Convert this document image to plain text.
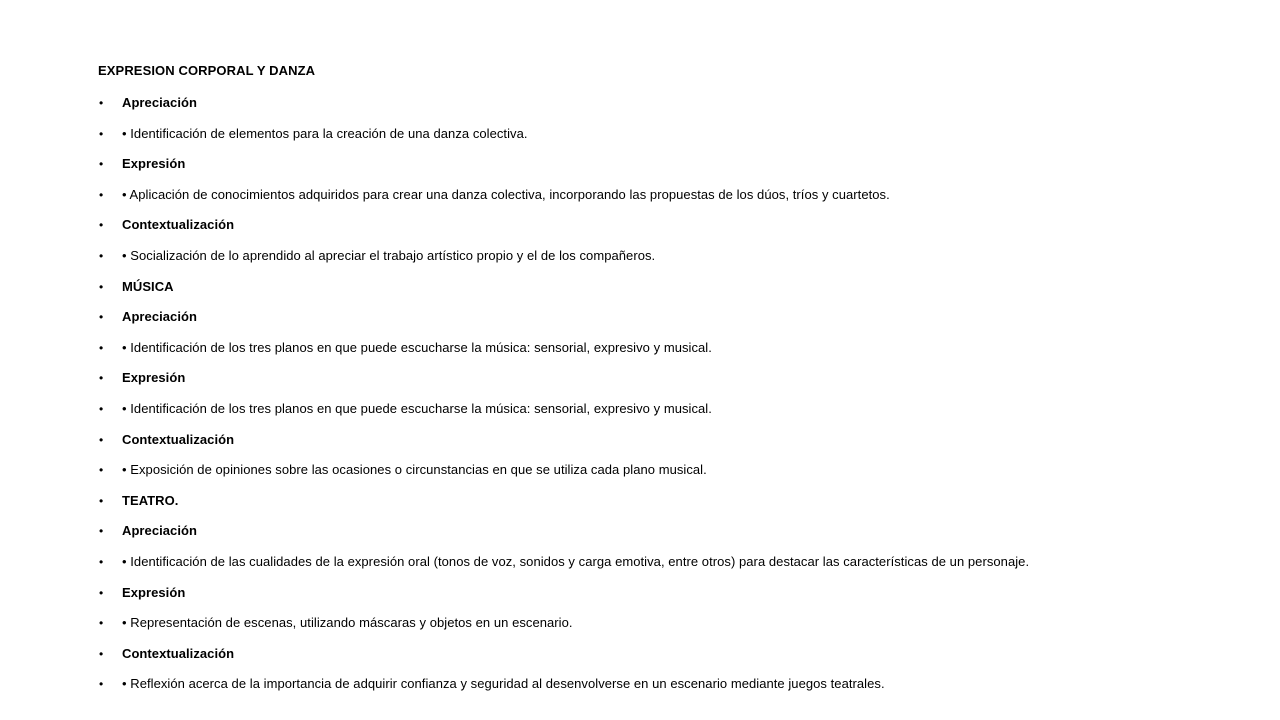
EXPRESION CORPORAL Y DANZA
• Apreciación
• • Identificación de elementos para la creación de una danza colectiva.
• Expresión
• • Aplicación de conocimientos adquiridos para crear una danza colectiva, incorporando las propuestas de los dúos, tríos y cuartetos.
• Contextualización
• • Socialización de lo aprendido al apreciar el trabajo artístico propio y el de los compañeros.
• MÚSICA
• Apreciación
• • Identificación de los tres planos en que puede escucharse la música: sensorial, expresivo y musical.
• Expresión
• • Identificación de los tres planos en que puede escucharse la música: sensorial, expresivo y musical.
• Contextualización
• • Exposición de opiniones sobre las ocasiones o circunstancias en que se utiliza cada plano musical.
• TEATRO.
• Apreciación
• • Identificación de las cualidades de la expresión oral (tonos de voz, sonidos y carga emotiva, entre otros) para destacar las características de un personaje.
• Expresión
• • Representación de escenas, utilizando máscaras y objetos en un escenario.
• Contextualización
• • Reflexión acerca de la importancia de adquirir confianza y seguridad al desenvolverse en un escenario mediante juegos teatrales.
